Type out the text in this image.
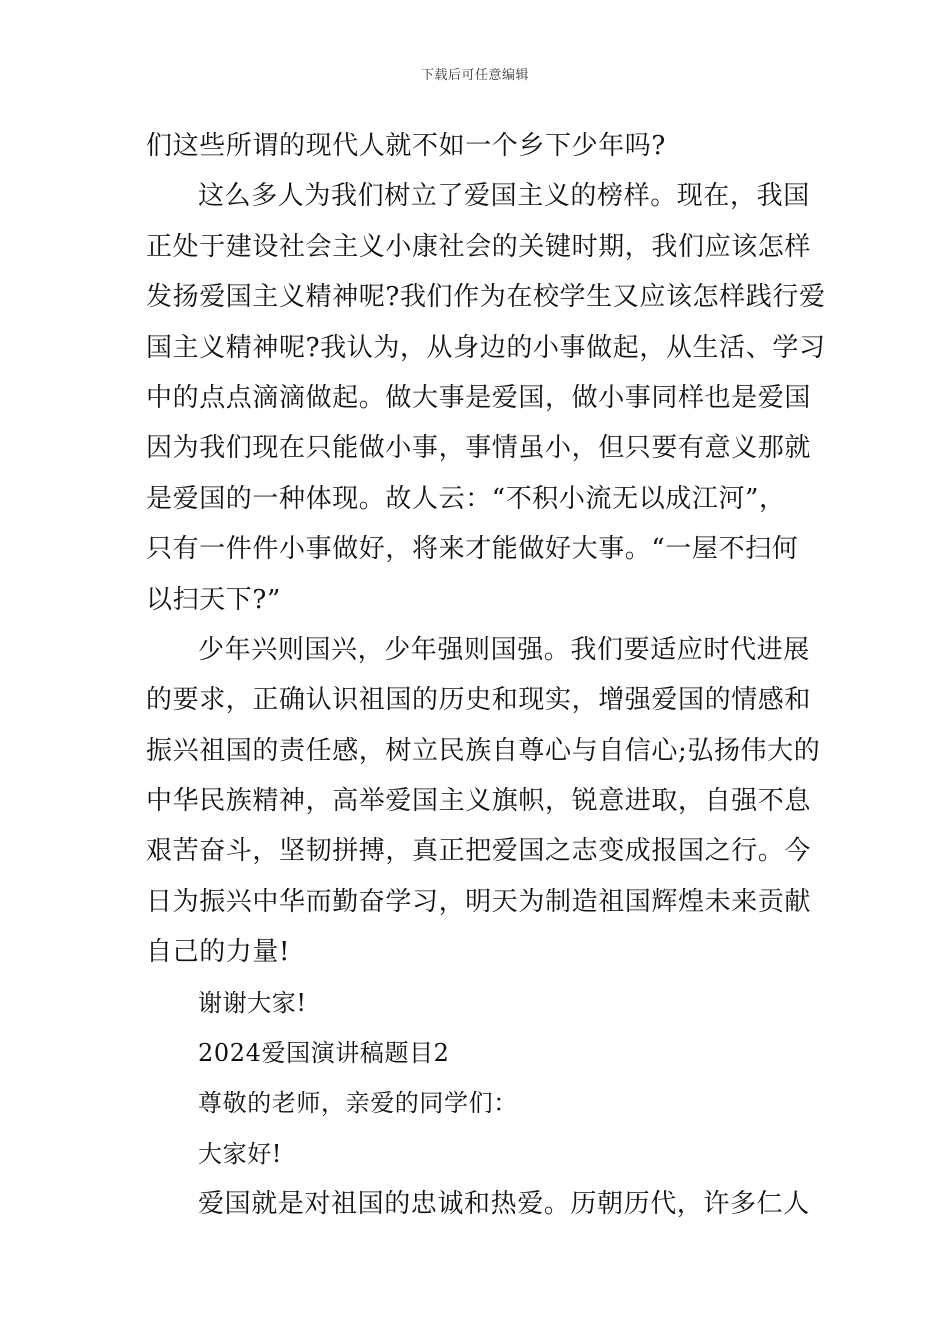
下载后可任意编辑
们这些所谓的现代人就不如一个乡下少年吗?
这么多人为我们树立了爱国主义的榜样。现在，我国
正处于建设社会主义小康社会的关键时期，我们应该怎样
发扬爱国主义精神呢?我们作为在校学生又应该怎样践行爱
国主义精神呢?我认为，从身边的小事做起，从生活、学习
中的点点滴滴做起。做大事是爱国，做小事同样也是爱国
因为我们现在只能做小事，事情虽小，但只要有意义那就
是爱国的一种体现。故人云：“不积小流无以成江河”，
只有一件件小事做好，将来才能做好大事。“一屋不扫何
以扫天下?”
少年兴则国兴，少年强则国强。我们要适应时代进展
的要求，正确认识祖国的历史和现实，增强爱国的情感和
振兴祖国的责任感，树立民族自尊心与自信心;弘扬伟大的
中华民族精神，高举爱国主义旗帜，锐意进取，自强不息
艰苦奋斗，坚韧拼搏，真正把爱国之志变成报国之行。今
日为振兴中华而勤奋学习，明天为制造祖国辉煌未来贡献
自己的力量!
谢谢大家!
2024爱国演讲稿题目2
尊敬的老师，亲爱的同学们：
大家好!
爱国就是对祖国的忠诚和热爱。历朝历代，许多仁人
